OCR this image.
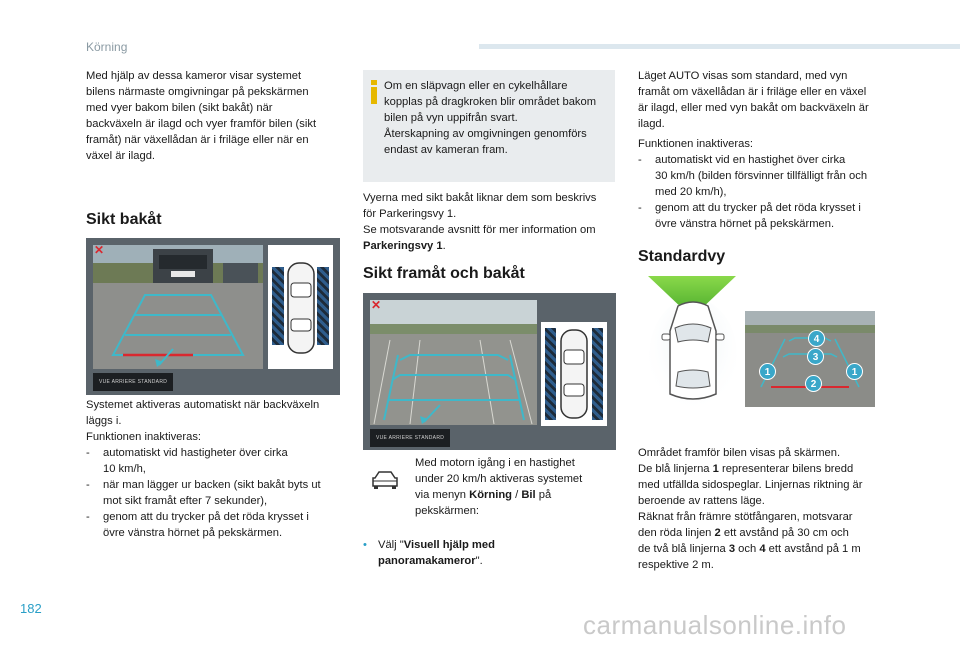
Körning
Med hjälp av dessa kameror visar systemet
bilens närmaste omgivningar på pekskärmen
med vyer bakom bilen (sikt bakåt) när
backväxeln är ilagd och vyer framför bilen (sikt
framåt) när växellådan är i friläge eller när en
växel är ilagd.
Sikt bakåt
✕
VUE ARRIERE STANDARD
Systemet aktiveras automatiskt när backväxeln
läggs i.
Funktionen inaktiveras:
- automatiskt vid hastigheter över cirka
10 km/h,
- när man lägger ur backen (sikt bakåt byts ut
mot sikt framåt efter 7 sekunder),
- genom att du trycker på det röda krysset i
övre vänstra hörnet på pekskärmen.
Om en släpvagn eller en cykelhållare
kopplas på dragkroken blir området bakom
bilen på vyn uppifrån svart.
Återskapning av omgivningen genomförs
endast av kameran fram.
Vyerna med sikt bakåt liknar dem som beskrivs
för Parkeringsvy 1.
Se motsvarande avsnitt för mer information om
Parkeringsvy 1.
Sikt framåt och bakåt
✕
VUE ARRIERE STANDARD
Med motorn igång i en hastighet
under 20 km/h aktiveras systemet
via menyn Körning / Bil på
pekskärmen:
• Välj "Visuell hjälp med
panoramakameror".
Läget AUTO visas som standard, med vyn
framåt om växellådan är i friläge eller en växel
är ilagd, eller med vyn bakåt om backväxeln är
ilagd.
Funktionen inaktiveras:
- automatiskt vid en hastighet över cirka
30 km/h (bilden försvinner tillfälligt från och
med 20 km/h),
- genom att du trycker på det röda krysset i
övre vänstra hörnet på pekskärmen.
Standardvy
1	1
2
3
4
Området framför bilen visas på skärmen.
De blå linjerna 1 representerar bilens bredd
med utfällda sidospeglar. Linjernas riktning är
beroende av rattens läge.
Räknat från främre stötfångaren, motsvarar
den röda linjen 2 ett avstånd på 30 cm och
de två blå linjerna 3 och 4 ett avstånd på 1 m
respektive 2 m.
182
carmanualsonline.info
